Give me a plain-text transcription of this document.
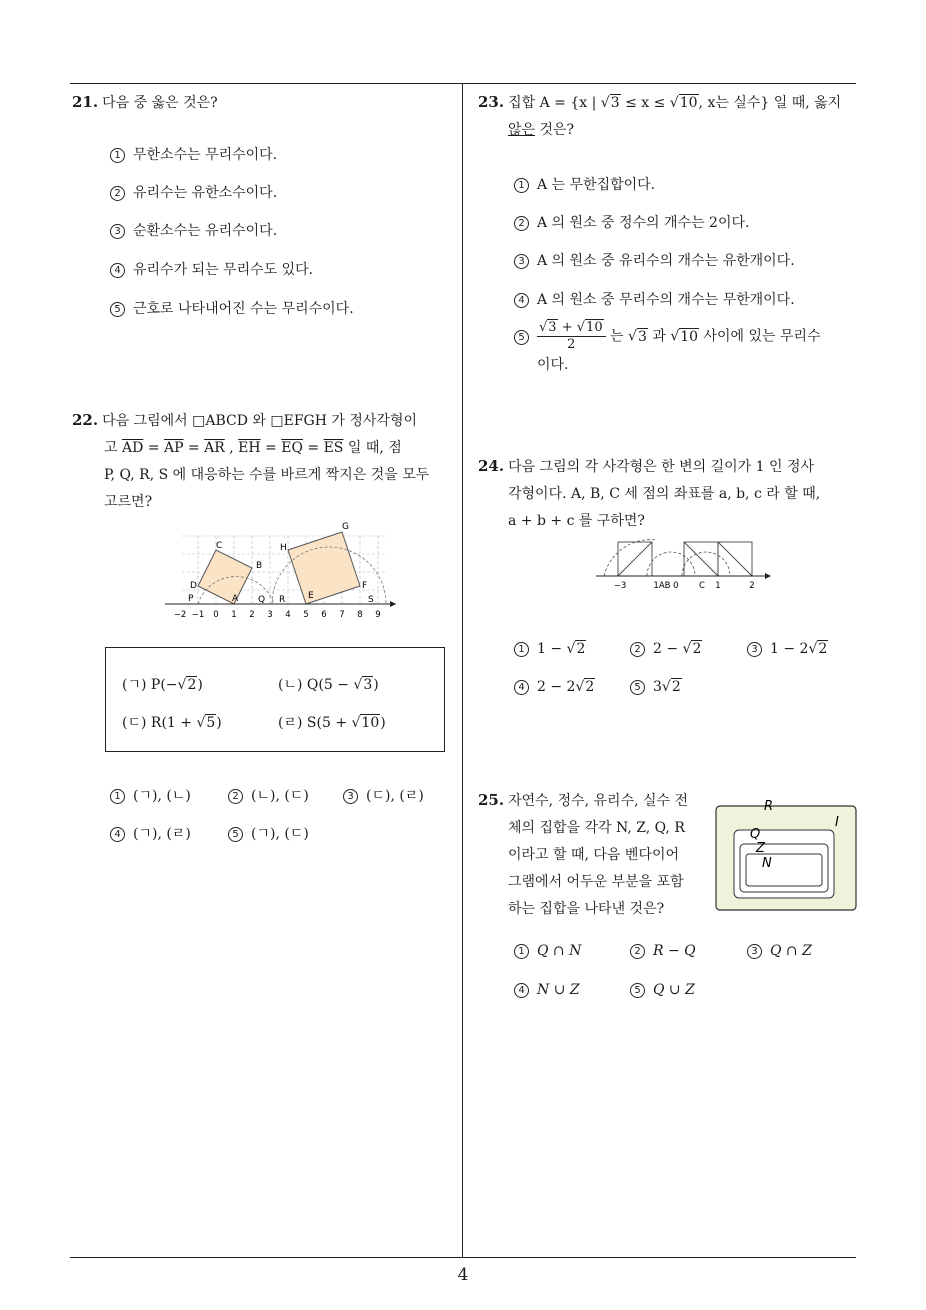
21. 다음 중 옳은 것은?
1 무한소수는 무리수이다.
2 유리수는 유한소수이다.
3 순환소수는 유리수이다.
4 유리수가 되는 무리수도 있다.
5 근호로 나타내어진 수는 무리수이다.
22. 다음 그림에서 □ABCD 와 □EFGH 가 정사각형이
고 $\overline{AD} = \overline{AP} = \overline{AR}$ , $\overline{EH} = \overline{EQ} = \overline{ES}$ 일 때, 점
P, Q, R, S 에 대응하는 수를 바르게 짝지은 것을 모두
고르면?
C
B
D
P	A
H
G
E
F
Q R	S
−2 −1 0 1 2 3 4 5 6 7 8 9
(ㄱ) P(−√2)	(ㄴ) Q(5 − √3)
(ㄷ) R(1 + √5)	(ㄹ) S(5 + √10)
1 (ㄱ), (ㄴ)	2 (ㄴ), (ㄷ)	3 (ㄷ), (ㄹ)
4 (ㄱ), (ㄹ)	5 (ㄱ), (ㄷ)
23. 집합 A = {x | √3 ≤ x ≤ √10, x는 실수} 일 때, 옳지
않은 것은?
1 A 는 무한집합이다.
2 A 의 원소 중 정수의 개수는 2이다.
3 A 의 원소 중 유리수의 개수는 유한개이다.
4 A 의 원소 중 무리수의 개수는 무한개이다.
$5 \frac{√3 + √10}{2}$ 는 √3 과 √10 사이에 있는 무리수
이다.
24. 다음 그림의 각 사각형은 한 변의 길이가 1 인 정사
각형이다. A, B, C 세 점의 좌표를 a, b, c 라 할 때,
a + b + c 를 구하면?
−3	1AB 0 C 1	2
1 1 − √2	2 2 − √2	3 1 − 2√2
4 2 − 2√2	5 3√2
25. 자연수, 정수, 유리수, 실수 전
체의 집합을 각각 N, Z, Q, R
이라고 할 때, 다음 벤다이어
그램에서 어두운 부분을 포함
하는 집합을 나타낸 것은?
R
I
Q
Z
N
1 Q ∩ N	2 R − Q	3 Q ∩ Z
4 N ∪ Z	5 Q ∪ Z
4
